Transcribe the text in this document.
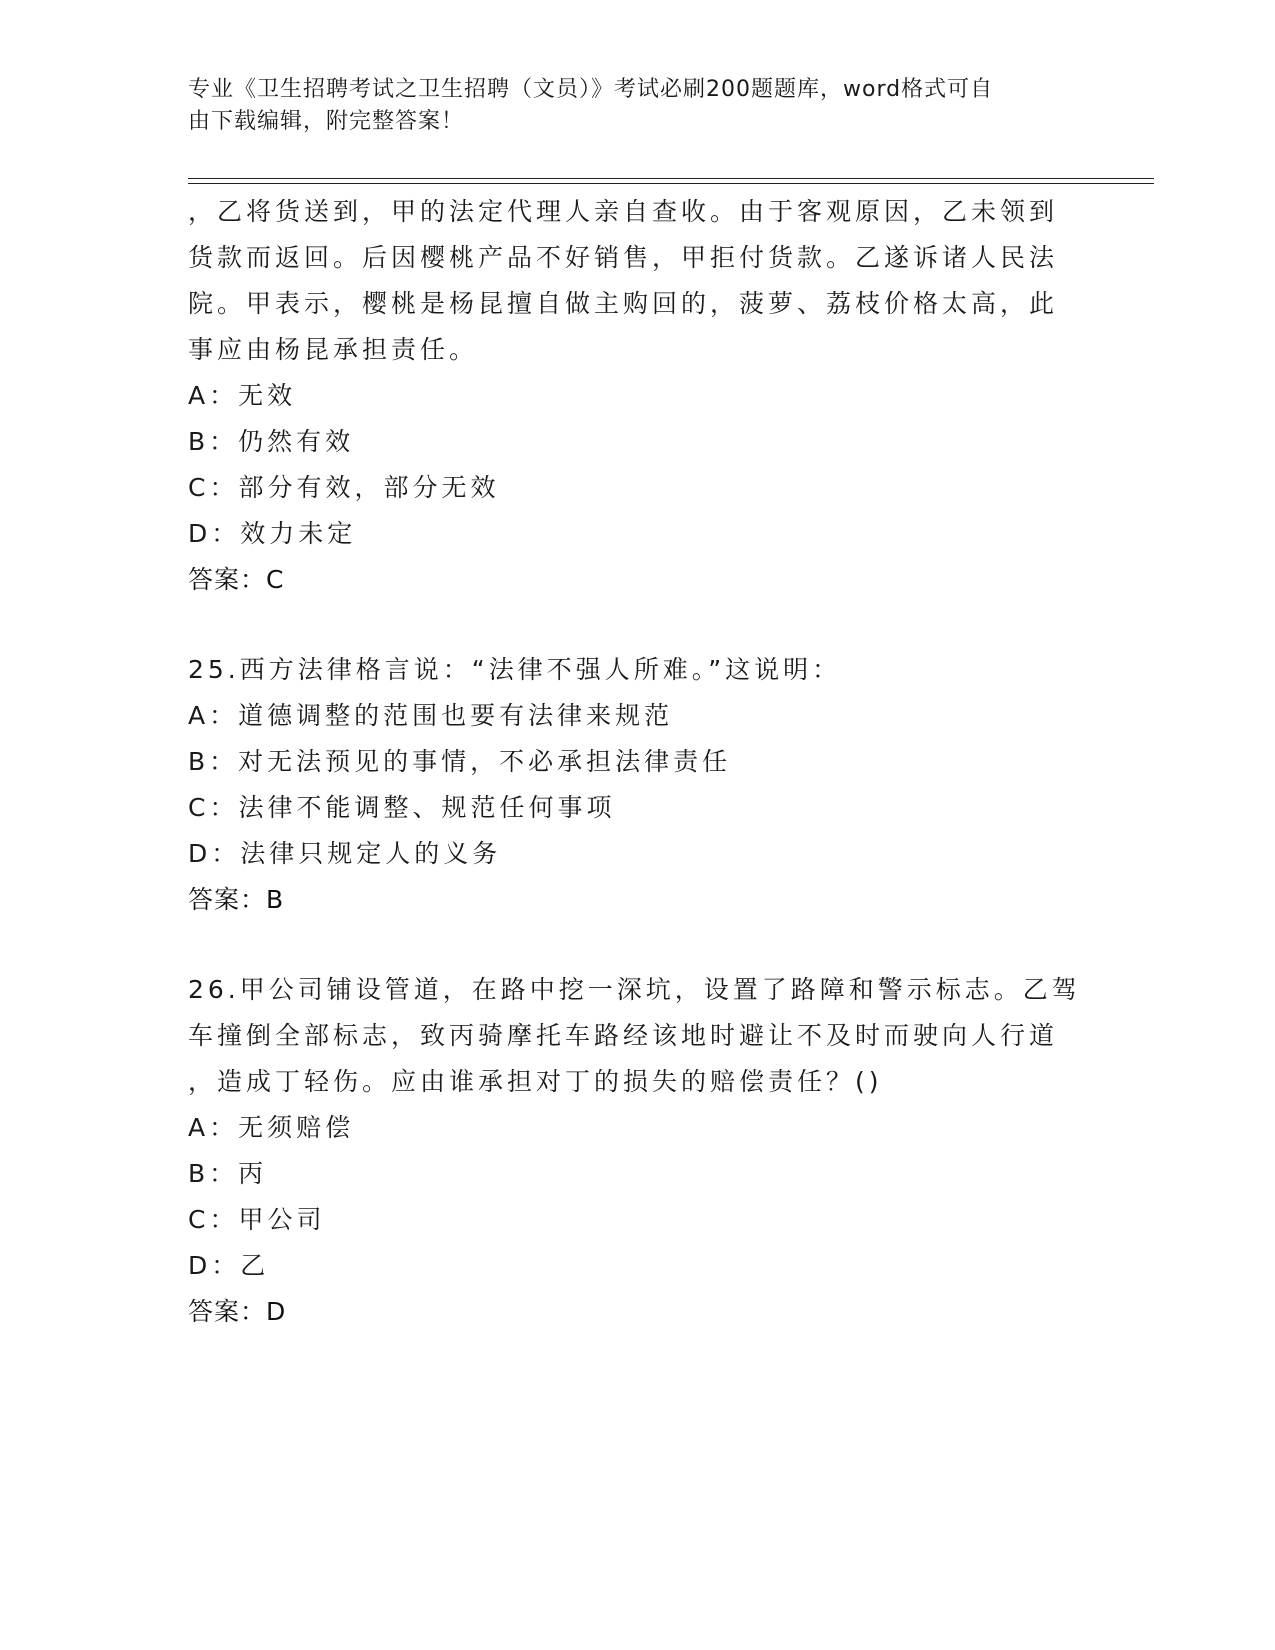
专业《卫生招聘考试之卫生招聘（文员）》考试必刷200题题库，word格式可自
由下载编辑，附完整答案！
，乙将货送到，甲的法定代理人亲自查收。由于客观原因，乙未领到
货款而返回。后因樱桃产品不好销售，甲拒付货款。乙遂诉诸人民法
院。甲表示，樱桃是杨昆擅自做主购回的，菠萝、荔枝价格太高，此
事应由杨昆承担责任。
A：无效
B：仍然有效
C：部分有效，部分无效
D：效力未定
答案：C
25.西方法律格言说：“法律不强人所难。”这说明：
A：道德调整的范围也要有法律来规范
B：对无法预见的事情，不必承担法律责任
C：法律不能调整、规范任何事项
D：法律只规定人的义务
答案：B
26.甲公司铺设管道，在路中挖一深坑，设置了路障和警示标志。乙驾
车撞倒全部标志，致丙骑摩托车路经该地时避让不及时而驶向人行道
，造成丁轻伤。应由谁承担对丁的损失的赔偿责任？()
A：无须赔偿
B：丙
C：甲公司
D：乙
答案：D
